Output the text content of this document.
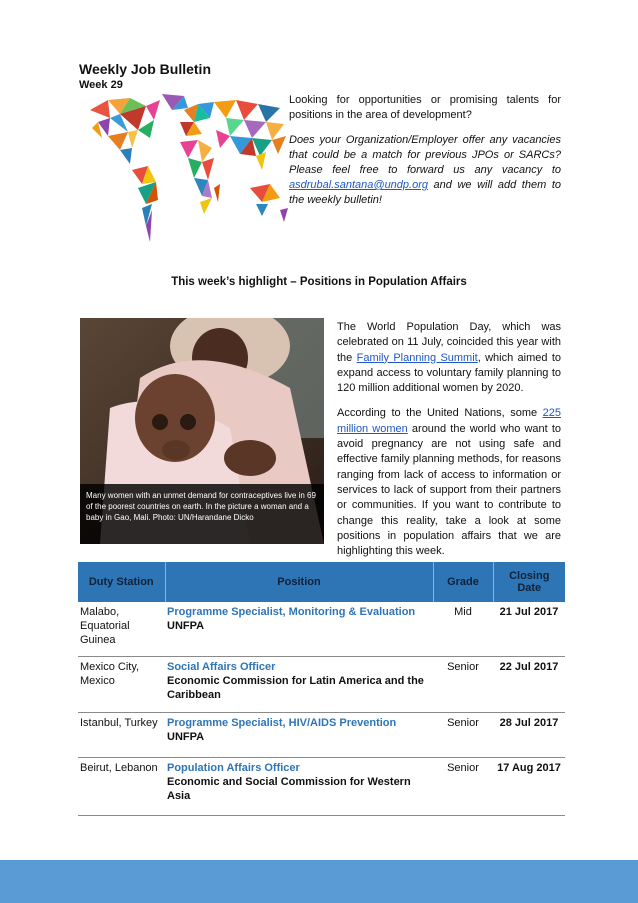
Weekly Job Bulletin
Week 29

Looking for opportunities or promising talents for positions in the area of development?

Does your Organization/Employer offer any vacancies that could be a match for previous JPOs or SARCs? Please feel free to forward us any vacancy to asdrubal.santana@undp.org and we will add them to the weekly bulletin!

This week’s highlight – Positions in Population Affairs
Many women with an unmet demand for contraceptives live in 69 of the poorest countries on earth. In the picture a woman and a baby in Gao, Mali. Photo: UN/Harandane Dicko

The World Population Day, which was celebrated on 11 July, coincided this year with the Family Planning Summit, which aimed to expand access to voluntary family planning to 120 million additional women by 2020.

According to the United Nations, some 225 million women around the world who want to avoid pregnancy are not using safe and effective family planning methods, for reasons ranging from lack of access to information or services to lack of support from their partners or communities. If you want to contribute to change this reality, take a look at some positions in population affairs that we are highlighting this week.

Duty Station	Position	Grade	Closing Date
Malabo, Equatorial Guinea	Programme Specialist, Monitoring & Evaluation
UNFPA	Mid	21 Jul 2017
Mexico City, Mexico	Social Affairs Officer
Economic Commission for Latin America and the Caribbean	Senior	22 Jul 2017
Istanbul, Turkey	Programme Specialist, HIV/AIDS Prevention
UNFPA	Senior	28 Jul 2017
Beirut, Lebanon	Population Affairs Officer
Economic and Social Commission for Western Asia	Senior	17 Aug 2017
